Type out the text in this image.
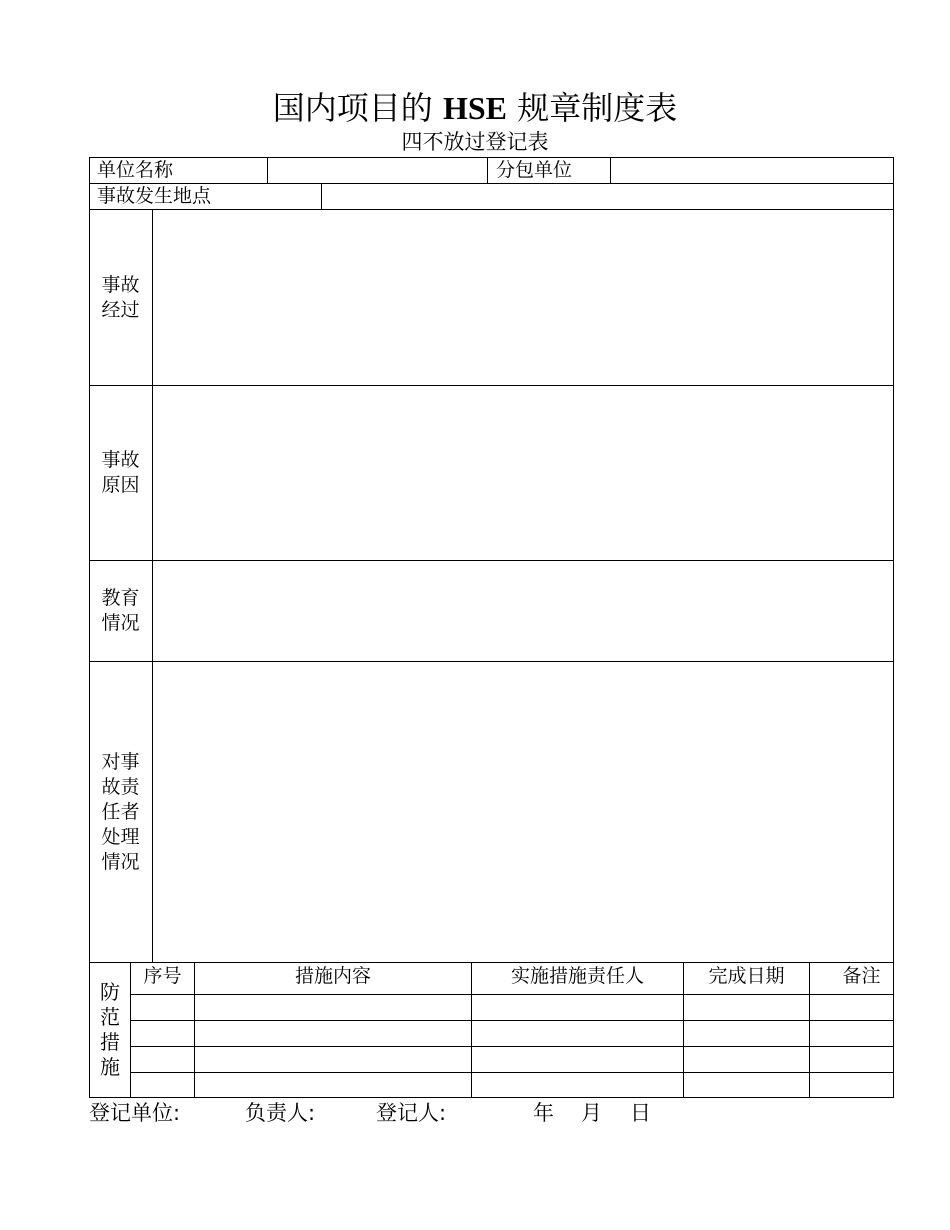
国内项目的 HSE 规章制度表
四不放过登记表
单位名称	分包单位
事故发生地点
事故经过
事故原因
教育情况
对事故责任者处理情况
防范措施
序号	措施内容	实施措施责任人	完成日期	备注
登记单位:	负责人:	登记人:	年 月 日
